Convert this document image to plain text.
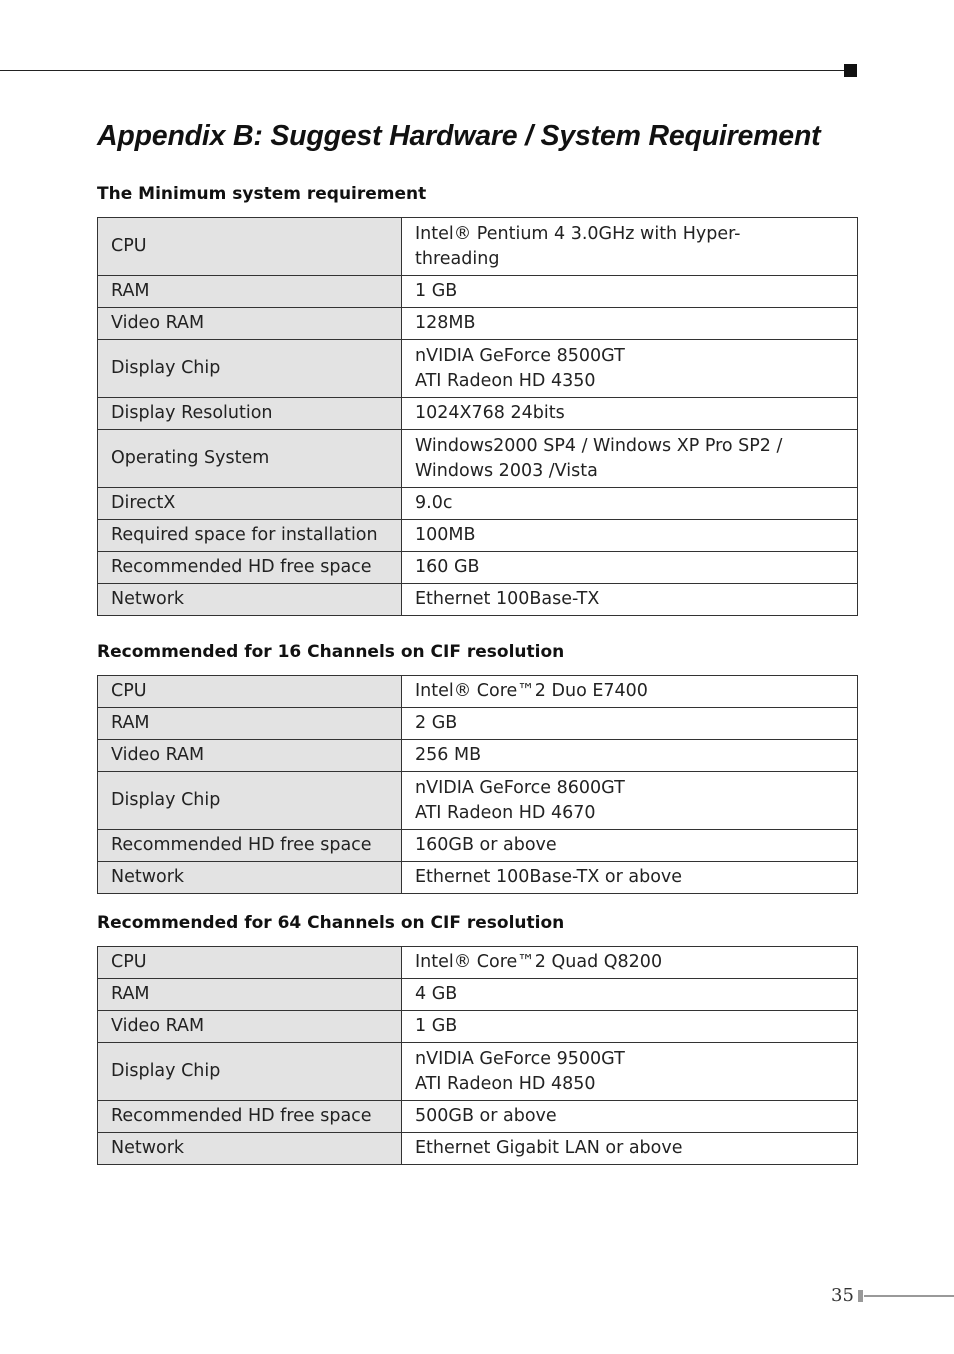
Appendix B: Suggest Hardware / System Requirement
The Minimum system requirement
CPU	Intel® Pentium 4 3.0GHz with Hyper-
threading
RAM	1 GB
Video RAM	128MB
Display Chip	nVIDIA GeForce 8500GT
ATI Radeon HD 4350
Display Resolution	1024X768 24bits
Operating System	Windows2000 SP4 / Windows XP Pro SP2 /
Windows 2003 /Vista
DirectX	9.0c
Required space for installation	100MB
Recommended HD free space	160 GB
Network	Ethernet 100Base-TX
Recommended for 16 Channels on CIF resolution
CPU	Intel® Core™2 Duo E7400
RAM	2 GB
Video RAM	256 MB
Display Chip	nVIDIA GeForce 8600GT
ATI Radeon HD 4670
Recommended HD free space	160GB or above
Network	Ethernet 100Base-TX or above
Recommended for 64 Channels on CIF resolution
CPU	Intel® Core™2 Quad Q8200
RAM	4 GB
Video RAM	1 GB
Display Chip	nVIDIA GeForce 9500GT
ATI Radeon HD 4850
Recommended HD free space	500GB or above
Network	Ethernet Gigabit LAN or above
35
